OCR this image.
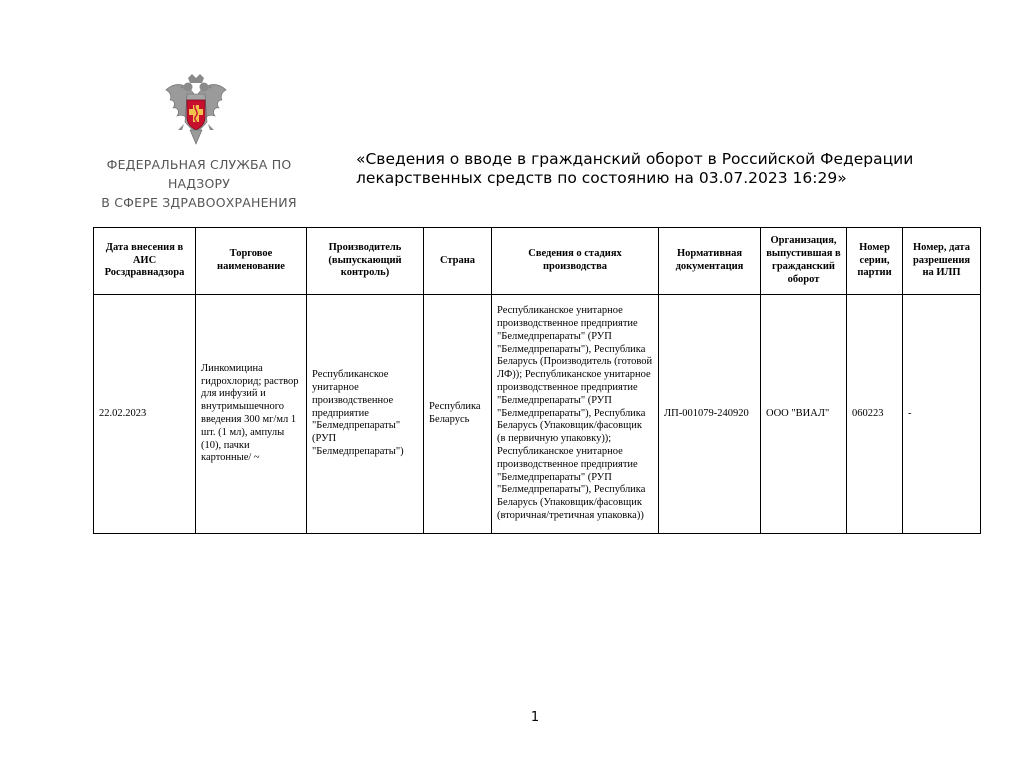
ФЕДЕРАЛЬНАЯ СЛУЖБА ПО НАДЗОРУ
В СФЕРЕ ЗДРАВООХРАНЕНИЯ
«Сведения о вводе в гражданский оборот в Российской Федерации
лекарственных средств по состоянию на 03.07.2023 16:29»
Дата внесения в АИС Росздравнадзора	Торговое наименование	Производитель (выпускающий контроль)	Страна	Сведения о стадиях производства	Нормативная документация	Организация, выпустившая в гражданский оборот	Номер серии, партии	Номер, дата разрешения на ИЛП
22.02.2023	Линкомицина гидрохлорид; раствор для инфузий и внутримышечного введения 300 мг/мл 1 шт. (1 мл), ампулы (10), пачки картонные/ ~	Республиканское унитарное производственное предприятие "Белмедпрепараты" (РУП "Белмедпрепараты")	Республика Беларусь	Республиканское унитарное производственное предприятие "Белмедпрепараты" (РУП "Белмедпрепараты"), Республика Беларусь (Производитель (готовой ЛФ)); Республиканское унитарное производственное предприятие "Белмедпрепараты" (РУП "Белмедпрепараты"), Республика Беларусь (Упаковщик/фасовщик (в первичную упаковку)); Республиканское унитарное производственное предприятие "Белмедпрепараты" (РУП "Белмедпрепараты"), Республика Беларусь (Упаковщик/фасовщик (вторичная/третичная упаковка))	ЛП-001079-240920	ООО "ВИАЛ"	060223	-
1
